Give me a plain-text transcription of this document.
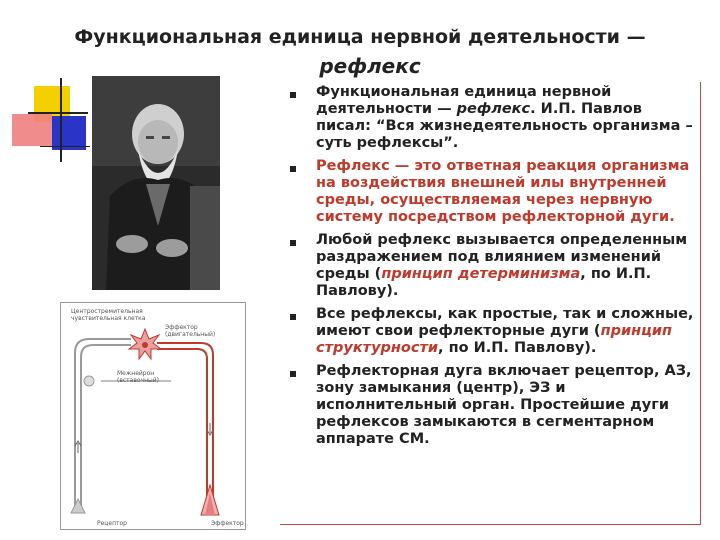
Функциональная единица нервной деятельности —
рефлекс
Центростремительная чувствительная клетка
Эффектор (двигательный)
Межнейрон (вставочный)
Рецептор	Эффектор
Функциональная единица нервной деятельности — рефлекс. И.П. Павлов писал: “Вся жизнедеятельность организма – суть рефлексы”.
Рефлекс — это ответная реакция организма на воздействия внешней илы внутренней среды, осуществляемая через нервную систему посредством рефлекторной дуги.
Любой рефлекс вызывается определенным раздражением под влиянием изменений среды (принцип детерминизма, по И.П. Павлову).
Все рефлексы, как простые, так и сложные, имеют свои рефлекторные дуги (принцип структурности, по И.П. Павлову).
Рефлекторная дуга включает рецептор, АЗ, зону замыкания (центр), ЭЗ и исполнительный орган. Простейшие дуги рефлексов замыкаются в сегментарном аппарате СМ.
